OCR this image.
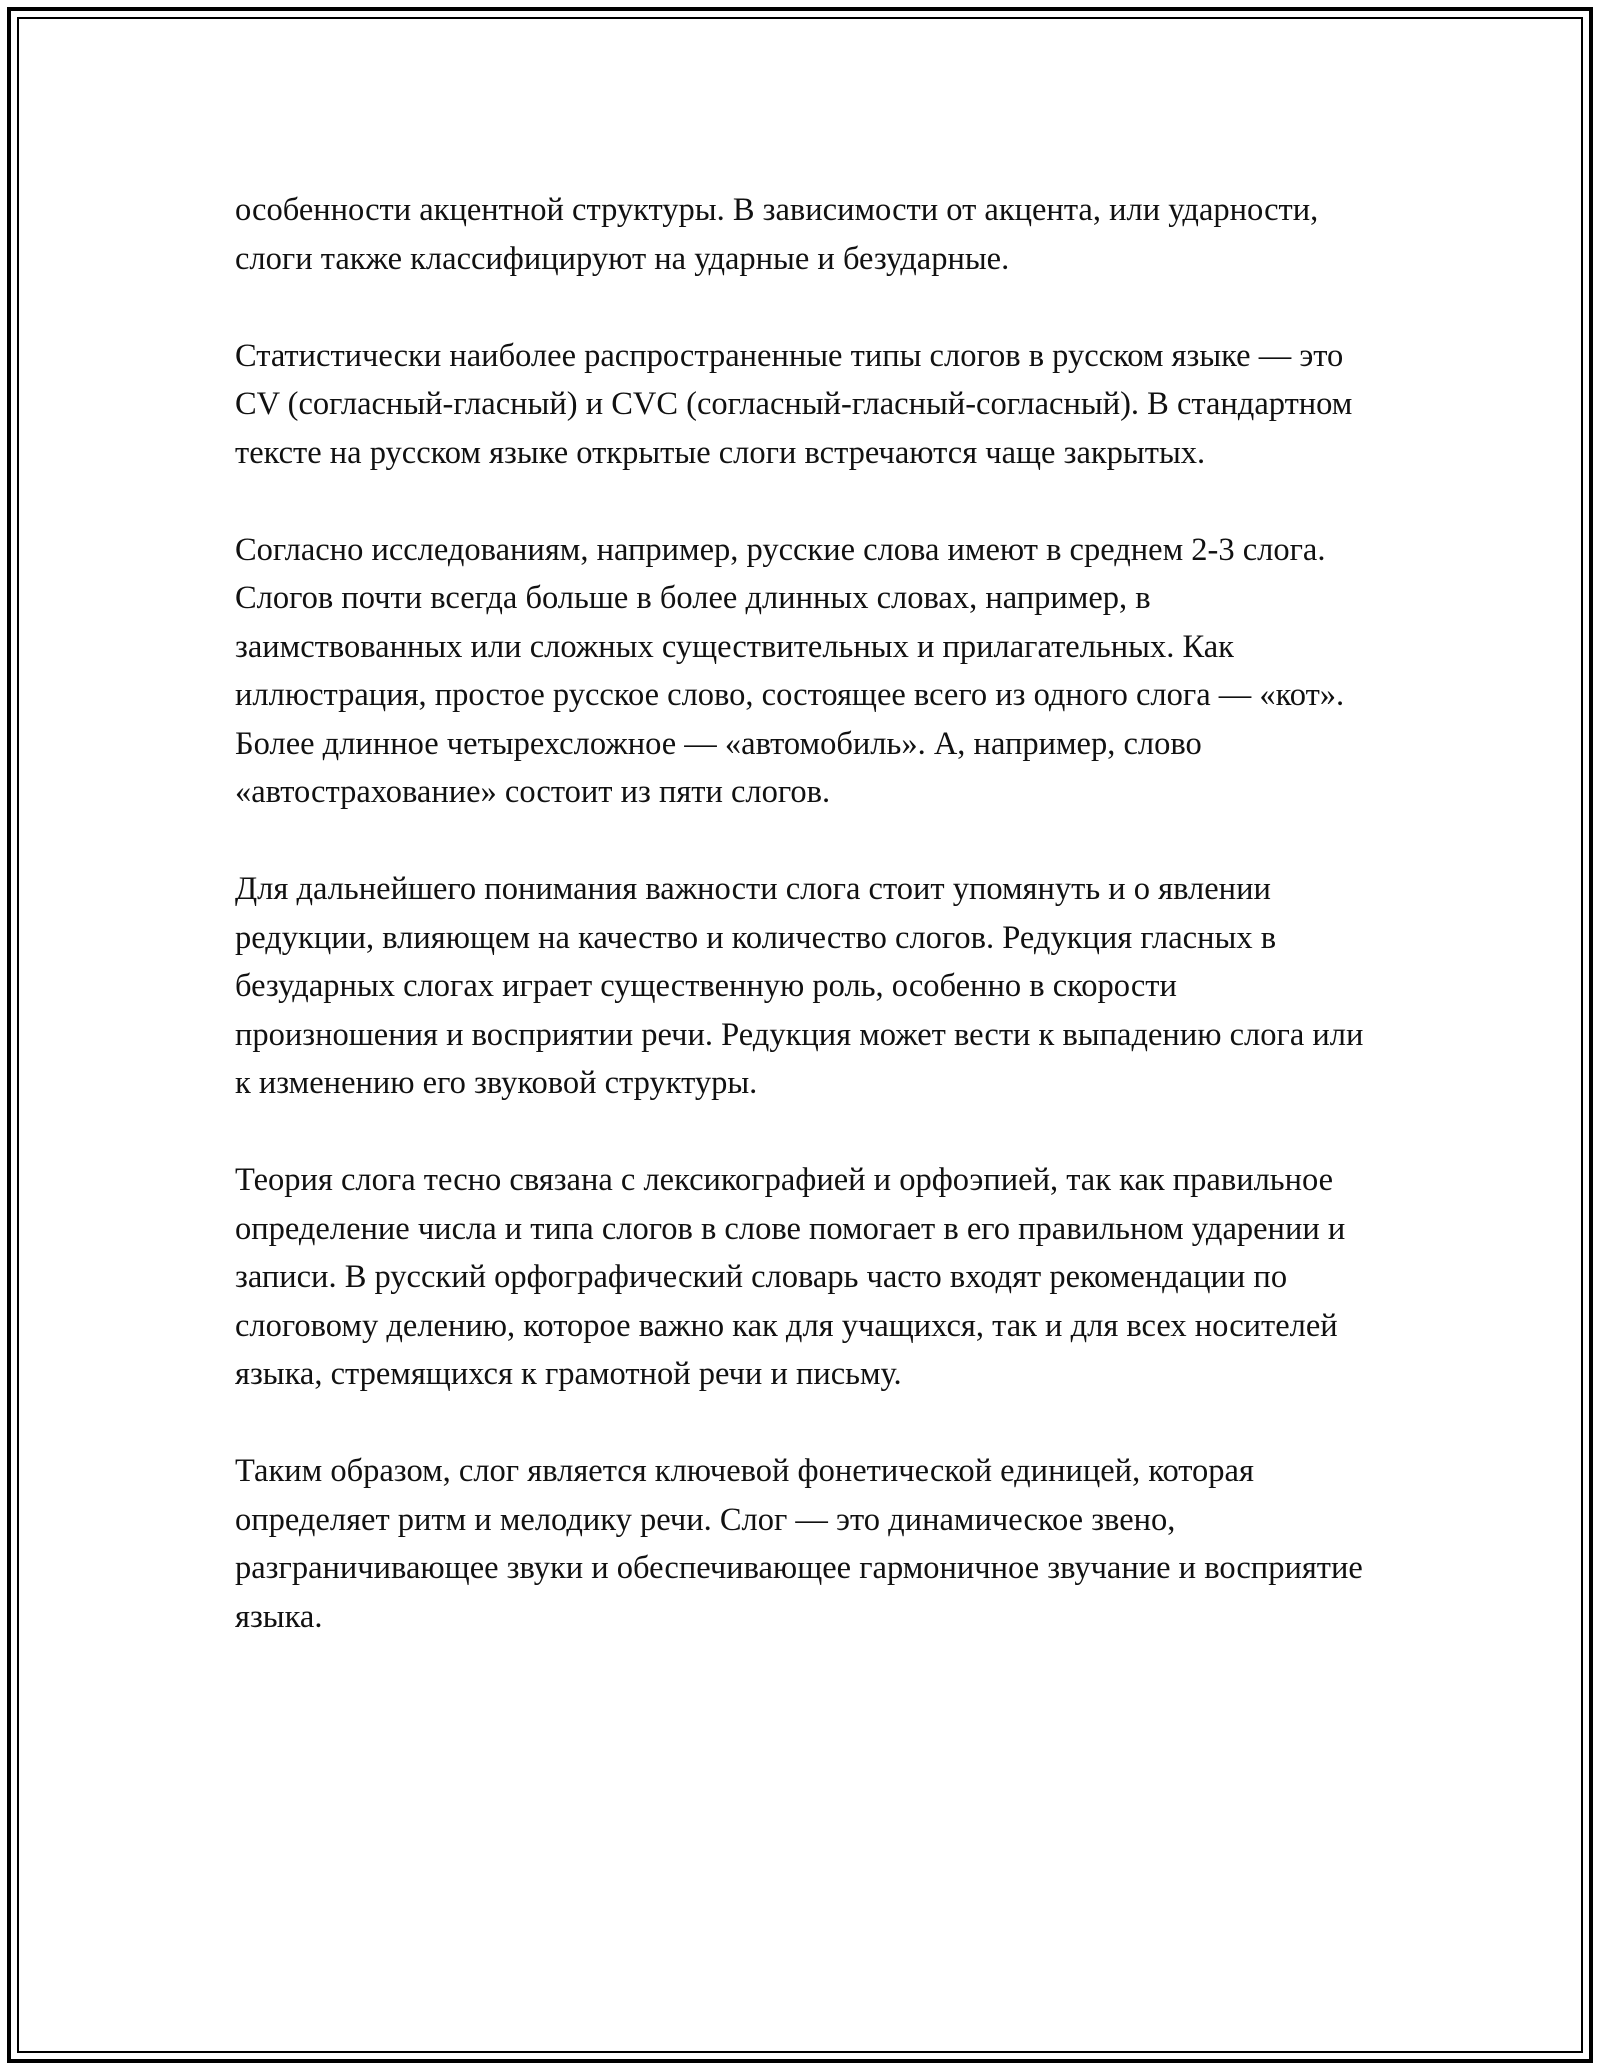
особенности акцентной структуры. В зависимости от акцента, или ударности, слоги также классифицируют на ударные и безударные.

Статистически наиболее распространенные типы слогов в русском языке — это CV (согласный-гласный) и CVC (согласный-гласный-согласный). В стандартном тексте на русском языке открытые слоги встречаются чаще закрытых.

Согласно исследованиям, например, русские слова имеют в среднем 2-3 слога. Слогов почти всегда больше в более длинных словах, например, в заимствованных или сложных существительных и прилагательных. Как иллюстрация, простое русское слово, состоящее всего из одного слога — «кот». Более длинное четырехсложное — «автомобиль». А, например, слово «автострахование» состоит из пяти слогов.

Для дальнейшего понимания важности слога стоит упомянуть и о явлении редукции, влияющем на качество и количество слогов. Редукция гласных в безударных слогах играет существенную роль, особенно в скорости произношения и восприятии речи. Редукция может вести к выпадению слога или к изменению его звуковой структуры.

Теория слога тесно связана с лексикографией и орфоэпией, так как правильное определение числа и типа слогов в слове помогает в его правильном ударении и записи. В русский орфографический словарь часто входят рекомендации по слоговому делению, которое важно как для учащихся, так и для всех носителей языка, стремящихся к грамотной речи и письму.

Таким образом, слог является ключевой фонетической единицей, которая определяет ритм и мелодику речи. Слог — это динамическое звено, разграничивающее звуки и обеспечивающее гармоничное звучание и восприятие языка.
